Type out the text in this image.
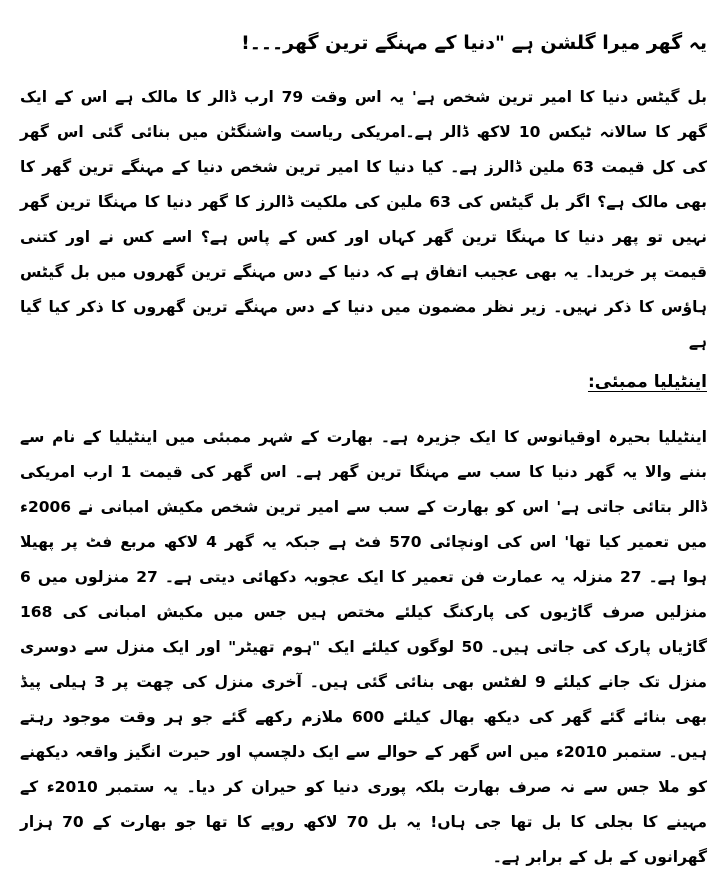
یہ گھر میرا گلشن ہے "دنیا کے مہنگے ترین گھر۔۔۔!

بل گیٹس دنیا کا امیر ترین شخص ہے' یہ اس وقت 79 ارب ڈالر کا مالک ہے اس کے ایک گھر کا سالانہ ٹیکس 10 لاکھ ڈالر ہے۔امریکی ریاست واشنگٹن میں بنائی گئی اس گھر کی کل قیمت 63 ملین ڈالرز ہے۔ کیا دنیا کا امیر ترین شخص دنیا کے مہنگے ترین گھر کا بھی مالک ہے؟ اگر بل گیٹس کی 63 ملین کی ملکیت ڈالرز کا گھر دنیا کا مہنگا ترین گھر نہیں تو پھر دنیا کا مہنگا ترین گھر کہاں اور کس کے پاس ہے؟ اسے کس نے اور کتنی قیمت پر خریدا۔ یہ بھی عجیب اتفاق ہے کہ دنیا کے دس مہنگے ترین گھروں میں بل گیٹس ہاؤس کا ذکر نہیں۔ زیر نظر مضمون میں دنیا کے دس مہنگے ترین گھروں کا ذکر کیا گیا ہے

اینٹیلیا ممبئی:

اینٹیلیا بحیرہ اوقیانوس کا ایک جزیرہ ہے۔ بھارت کے شہر ممبئی میں اینٹیلیا کے نام سے بننے والا یہ گھر دنیا کا سب سے مہنگا ترین گھر ہے۔ اس گھر کی قیمت 1 ارب امریکی ڈالر بتائی جاتی ہے' اس کو بھارت کے سب سے امیر ترین شخص مکیش امبانی نے 2006ء میں تعمیر کیا تھا' اس کی اونچائی 570 فٹ ہے جبکہ یہ گھر 4 لاکھ مربع فٹ پر پھیلا ہوا ہے۔ 27 منزلہ یہ عمارت فن تعمیر کا ایک عجوبہ دکھائی دیتی ہے۔ 27 منزلوں میں 6 منزلیں صرف گاڑیوں کی پارکنگ کیلئے مختص ہیں جس میں مکیش امبانی کی 168 گاڑیاں پارک کی جاتی ہیں۔ 50 لوگوں کیلئے ایک "ہوم تھیٹر" اور ایک منزل سے دوسری منزل تک جانے کیلئے 9 لفٹس بھی بنائی گئی ہیں۔ آخری منزل کی چھت پر 3 ہیلی پیڈ بھی بنائے گئے گھر کی دیکھ بھال کیلئے 600 ملازم رکھے گئے جو ہر وقت موجود رہتے ہیں۔ ستمبر 2010ء میں اس گھر کے حوالے سے ایک دلچسپ اور حیرت انگیز واقعہ دیکھنے کو ملا جس سے نہ صرف بھارت بلکہ پوری دنیا کو حیران کر دیا۔ یہ ستمبر 2010ء کے مہینے کا بجلی کا بل تھا جی ہاں! یہ بل 70 لاکھ روپے کا تھا جو بھارت کے 70 ہزار گھرانوں کے بل کے برابر ہے۔
